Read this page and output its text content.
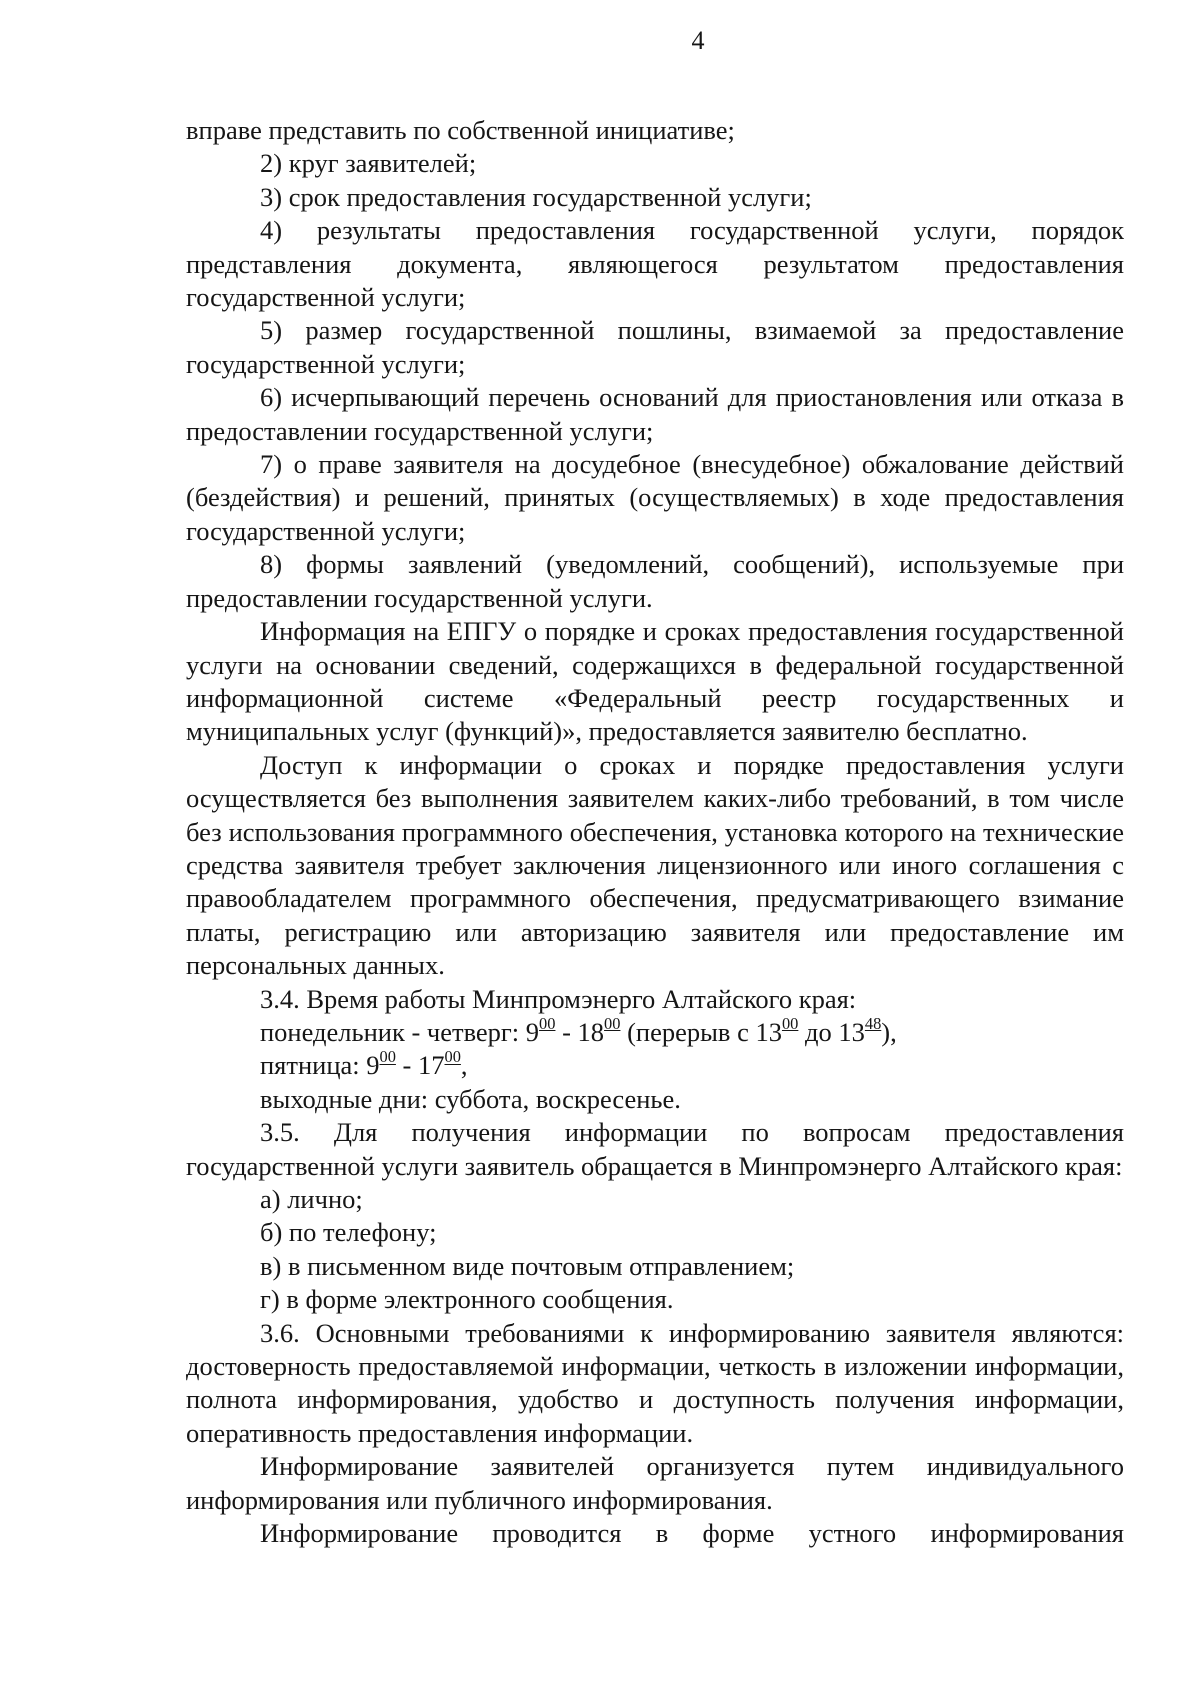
4

вправе представить по собственной инициативе;

2) круг заявителей;

3) срок предоставления государственной услуги;

4) результаты предоставления государственной услуги, порядок представления документа, являющегося результатом предоставления государственной услуги;

5) размер государственной пошлины, взимаемой за предоставление государственной услуги;

6) исчерпывающий перечень оснований для приостановления или отказа в предоставлении государственной услуги;

7) о праве заявителя на досудебное (внесудебное) обжалование действий (бездействия) и решений, принятых (осуществляемых) в ходе предоставления государственной услуги;

8) формы заявлений (уведомлений, сообщений), используемые при предоставлении государственной услуги.

Информация на ЕПГУ о порядке и сроках предоставления государственной услуги на основании сведений, содержащихся в федеральной государственной информационной системе «Федеральный реестр государственных и муниципальных услуг (функций)», предоставляется заявителю бесплатно.

Доступ к информации о сроках и порядке предоставления услуги осуществляется без выполнения заявителем каких-либо требований, в том числе без использования программного обеспечения, установка которого на технические средства заявителя требует заключения лицензионного или иного соглашения с правообладателем программного обеспечения, предусматривающего взимание платы, регистрацию или авторизацию заявителя или предоставление им персональных данных.

3.4. Время работы Минпромэнерго Алтайского края:

понедельник - четверг: $9^{00} - 18^{00}$ (перерыв с $13^{00}$ до $13^{48}$),

пятница: $9^{00} - 17^{00}$,

выходные дни: суббота, воскресенье.

3.5. Для получения информации по вопросам предоставления государственной услуги заявитель обращается в Минпромэнерго Алтайского края:

а) лично;

б) по телефону;

в) в письменном виде почтовым отправлением;

г) в форме электронного сообщения.

3.6. Основными требованиями к информированию заявителя являются: достоверность предоставляемой информации, четкость в изложении информации, полнота информирования, удобство и доступность получения информации, оперативность предоставления информации.

Информирование заявителей организуется путем индивидуального информирования или публичного информирования.

Информирование проводится в форме устного информирования
